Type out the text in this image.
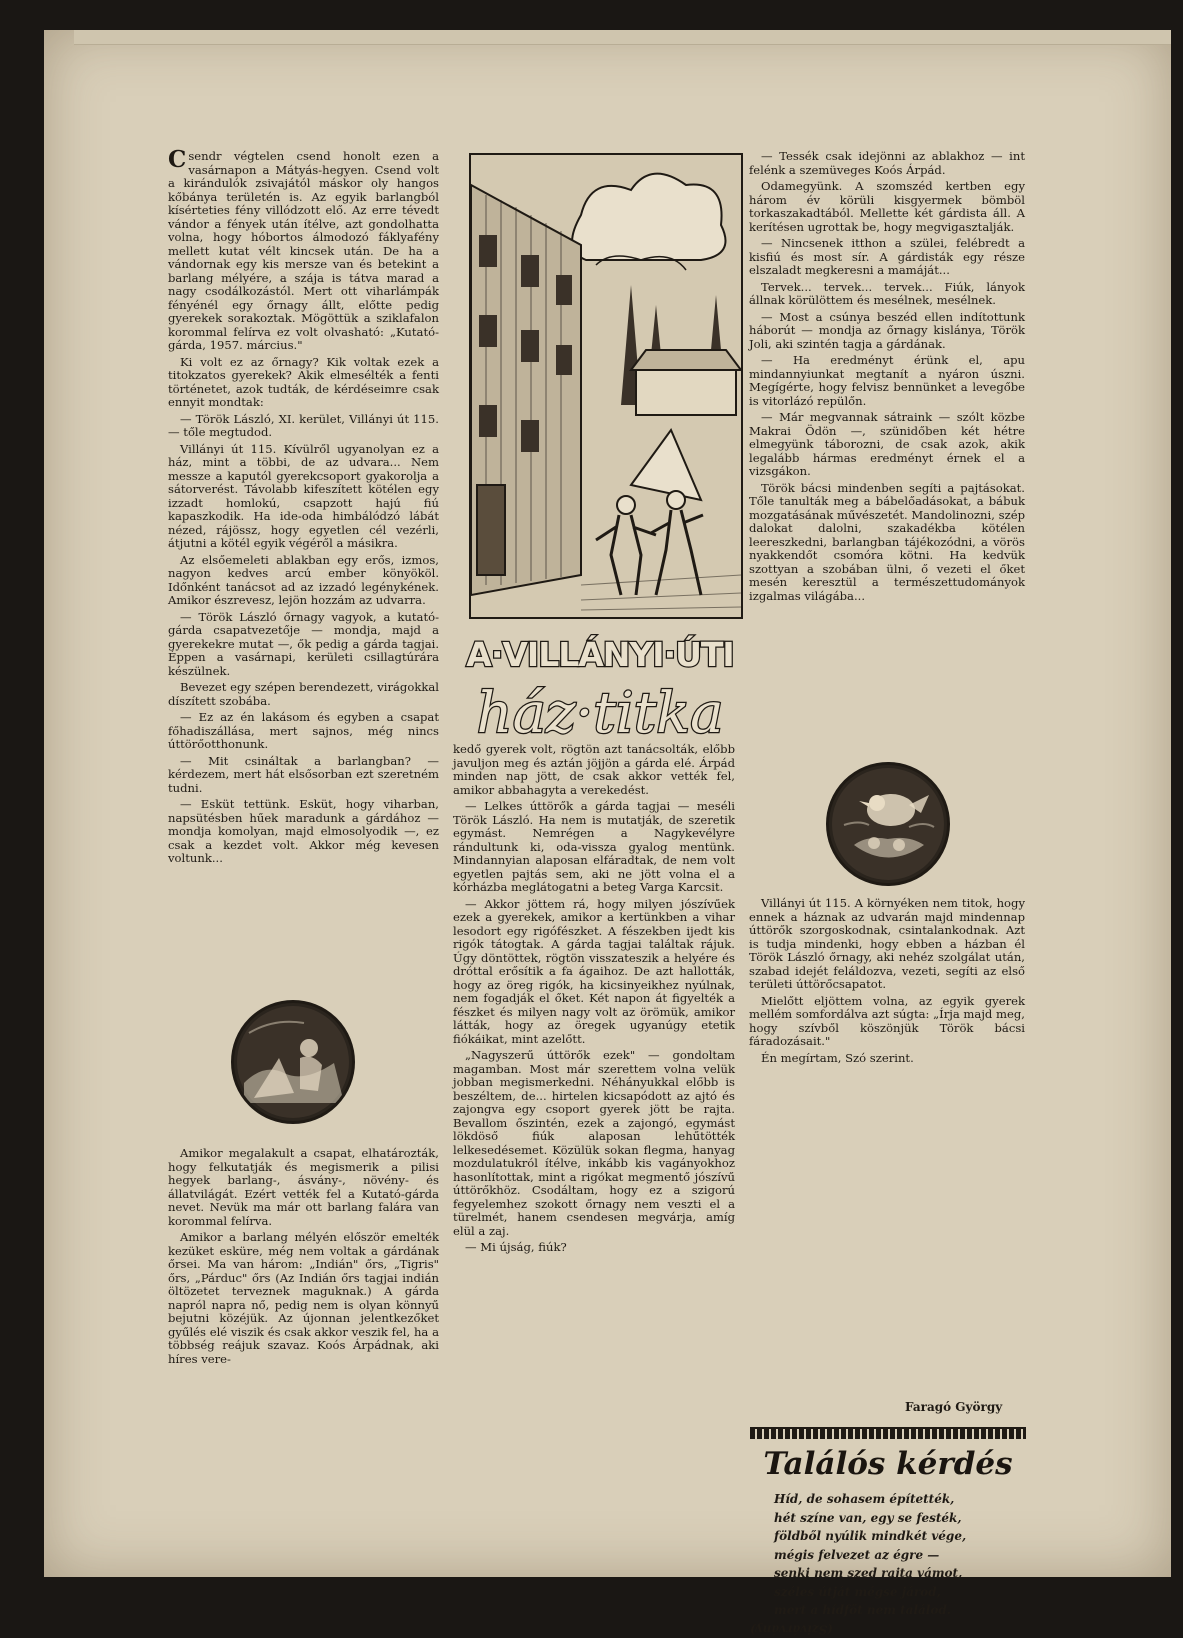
Csendr végtelen csend honolt ezen a vasárnapon a Mátyás-hegyen. Csend volt a kirándulók zsivajától máskor oly hangos kőbánya területén is. Az egyik barlangból kísérteties fény villódzott elő. Az erre tévedt vándor a fények után ítélve, azt gondolhatta volna, hogy hóbortos álmodozó fáklyafény mellett kutat vélt kincsek után. De ha a vándornak egy kis mersze van és betekint a barlang mélyére, a szája is tátva marad a nagy csodálkozástól. Mert ott viharlámpák fényénél egy őrnagy állt, előtte pedig gyerekek sorakoztak. Mögöttük a sziklafalon korommal felírva ez volt olvasható: „Kutató-gárda, 1957. március."

Ki volt ez az őrnagy? Kik voltak ezek a titokzatos gyerekek? Akik elmesélték a fenti történetet, azok tudták, de kérdéseimre csak ennyit mondtak:

— Török László, XI. kerület, Villányi út 115. — tőle megtudod.

Villányi út 115. Kívülről ugyanolyan ez a ház, mint a többi, de az udvara... Nem messze a kaputól gyerekcsoport gyakorolja a sátorverést. Távolabb kifeszített kötélen egy izzadt homlokú, csapzott hajú fiú kapaszkodik. Ha ide-oda himbálódzó lábát nézed, rájössz, hogy egyetlen cél vezérli, átjutni a kötél egyik végéről a másikra.

Az elsőemeleti ablakban egy erős, izmos, nagyon kedves arcú ember könyököl. Időnként tanácsot ad az izzadó legénykének. Amikor észrevesz, lejön hozzám az udvarra.

— Török László őrnagy vagyok, a kutató-gárda csapatvezetője — mondja, majd a gyerekekre mutat —, ők pedig a gárda tagjai. Éppen a vasárnapi, kerületi csillagtúrára készülnek.

Bevezet egy szépen berendezett, virágokkal díszített szobába.

— Ez az én lakásom és egyben a csapat főhadiszállása, mert sajnos, még nincs úttörőotthonunk.

— Mit csináltak a barlangban? — kérdezem, mert hát elsősorban ezt szeretném tudni.

— Esküt tettünk. Esküt, hogy viharban, napsütésben hűek maradunk a gárdához — mondja komolyan, majd elmosolyodik —, ez csak a kezdet volt. Akkor még kevesen voltunk...

Amikor megalakult a csapat, elhatározták, hogy felkutatják és megismerik a pilisi hegyek barlang-, ásvány-, növény- és állatvilágát. Ezért vették fel a Kutató-gárda nevet. Nevük ma már ott barlang falára van korommal felírva.

Amikor a barlang mélyén először emelték kezüket esküre, még nem voltak a gárdának őrsei. Ma van három: „Indián" őrs, „Tigris" őrs, „Párduc" őrs (Az Indián őrs tagjai indián öltözetet terveznek maguknak.) A gárda napról napra nő, pedig nem is olyan könnyű bejutni közéjük. Az újonnan jelentkezőket gyűlés elé viszik és csak akkor veszik fel, ha a többség reájuk szavaz. Koós Árpádnak, aki híres vere-

A·VILLÁNYI·ÚTI
ház·titka

kedő gyerek volt, rögtön azt tanácsolták, előbb javuljon meg és aztán jöjjön a gárda elé. Árpád minden nap jött, de csak akkor vették fel, amikor abbahagyta a verekedést.

— Lelkes úttörők a gárda tagjai — meséli Török László. Ha nem is mutatják, de szeretik egymást. Nemrégen a Nagykevélyre rándultunk ki, oda-vissza gyalog mentünk. Mindannyian alaposan elfáradtak, de nem volt egyetlen pajtás sem, aki ne jött volna el a kórházba meglátogatni a beteg Varga Karcsit.

— Akkor jöttem rá, hogy milyen jószívűek ezek a gyerekek, amikor a kertünkben a vihar lesodort egy rigófészket. A fészekben ijedt kis rigók tátogtak. A gárda tagjai találtak rájuk. Úgy döntöttek, rögtön visszateszik a helyére és dróttal erősítik a fa ágaihoz. De azt hallották, hogy az öreg rigók, ha kicsinyeikhez nyúlnak, nem fogadják el őket. Két napon át figyelték a fészket és milyen nagy volt az örömük, amikor látták, hogy az öregek ugyanúgy etetik fiókáikat, mint azelőtt.

„Nagyszerű úttörők ezek" — gondoltam magamban. Most már szerettem volna velük jobban megismerkedni. Néhányukkal előbb is beszéltem, de... hirtelen kicsapódott az ajtó és zajongva egy csoport gyerek jött be rajta. Bevallom őszintén, ezek a zajongó, egymást lökdöső fiúk alaposan lehűtötték lelkesedésemet. Közülük sokan flegma, hanyag mozdulatukról ítélve, inkább kis vagányokhoz hasonlítottak, mint a rigókat megmentő jószívű úttörőkhöz. Csodáltam, hogy ez a szigorú fegyelemhez szokott őrnagy nem veszti el a türelmét, hanem csendesen megvárja, amíg elül a zaj.

— Mi újság, fiúk?

— Tessék csak idejönni az ablakhoz — int felénk a szemüveges Koós Árpád.

Odamegyünk. A szomszéd kertben egy három év körüli kisgyermek bömböl torkaszakadtából. Mellette két gárdista áll. A kerítésen ugrottak be, hogy megvigasztalják.

— Nincsenek itthon a szülei, felébredt a kisfiú és most sír. A gárdisták egy része elszaladt megkeresni a mamáját...

Tervek... tervek... tervek... Fiúk, lányok állnak körülöttem és mesélnek, mesélnek.

— Most a csúnya beszéd ellen indítottunk háborút — mondja az őrnagy kislánya, Török Joli, aki szintén tagja a gárdának.

— Ha eredményt érünk el, apu mindannyiunkat megtanít a nyáron úszni. Megígérte, hogy felvisz bennünket a levegőbe is vitorlázó repülőn.

— Már megvannak sátraink — szólt közbe Makrai Ödön —, szünidőben két hétre elmegyünk táborozni, de csak azok, akik legalább hármas eredményt érnek el a vizsgákon.

Török bácsi mindenben segíti a pajtásokat. Tőle tanulták meg a bábelőadásokat, a bábuk mozgatásának művészetét. Mandolinozni, szép dalokat dalolni, szakadékba kötélen leereszkedni, barlangban tájékozódni, a vörös nyakkendőt csomóra kötni. Ha kedvük szottyan a szobában ülni, ő vezeti el őket mesén keresztül a természettudományok izgalmas világába...

Villányi út 115. A környéken nem titok, hogy ennek a háznak az udvarán majd mindennap úttörők szorgoskodnak, csintalankodnak. Azt is tudja mindenki, hogy ebben a házban él Török László őrnagy, aki nehéz szolgálat után, szabad idejét feláldozva, vezeti, segíti az első területi úttörőcsapatot.

Mielőtt eljöttem volna, az egyik gyerek mellém somfordálva azt súgta: „Írja majd meg, hogy szívből köszönjük Török bácsi fáradozásait."

Én megírtam, Szó szerint.

Faragó György
Találós kérdés
Híd, de sohasem építették,
hét színe van, egy se festék,
földből nyúlik mindkét vége,
mégis felvezet az égre —
senki nem szed rajta vámot,
széles útját mégse járod,
mert a hídfőt nem találod.
(Szivárvány)
